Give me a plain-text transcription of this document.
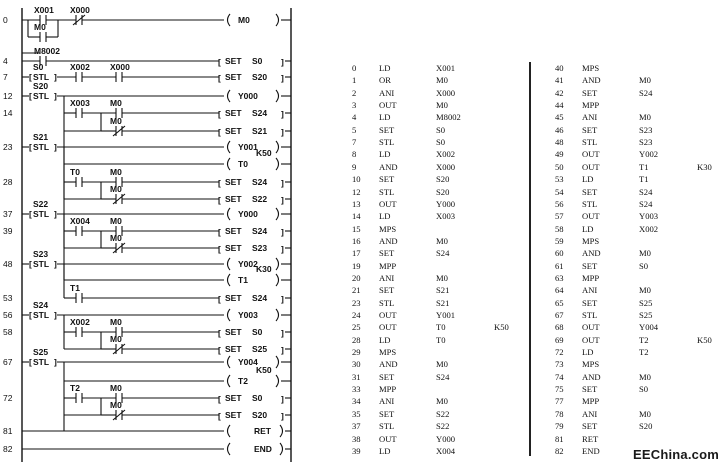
0
X001 X000
M0
M0
4
M8002
[ SET S0 ]
7
S0
STL
[	]
X002 X000
[ SET S20 ]
12
S20
STL
[	]	Y000
14
X003 M0
[ SET S24 ]
M0
[ SET S21 ]
23
S21
STL
[	]	Y001
T0
K50
28
T0	M0
[ SET S24 ]
M0
[ SET S22 ]
37
S22
STL
[	]	Y000
39
X004 M0
[ SET S24 ]
M0
[ SET S23 ]
48
S23
STL
[	]	Y002
T1
K30
53
T1
[ SET S24 ]
56
S24
STL
[	]	Y003
58
X002 M0
[ SET S0 ]
M0
[ SET S25 ]
67
S25
STL
[	]	Y004
T2
K50
72
T2	M0
[ SET S0 ]
M0
[ SET S20 ]
81	RET
82	END
0	LD	X001
1	OR	M0
2	ANI	X000
3	OUT	M0
4	LD	M8002
5	SET	S0
7	STL	S0
8	LD	X002
9	AND	X000
10 SET	S20
12 STL	S20
13 OUT	Y000
14 LD	X003
15 MPS
16 AND	M0
17 SET	S24
19 MPP
20 ANI	M0
21 SET	S21
23 STL	S21
24 OUT	Y001
25 OUT	T0	K50
28 LD	T0
29 MPS
30 AND	M0
31 SET	S24
33 MPP
34 ANI	M0
35 SET	S22
37 STL	S22
38 OUT	Y000
39 LD	X004
40 MPS
41 AND	M0
42 SET	S24
44 MPP
45 ANI	M0
46 SET	S23
48 STL	S23
49 OUT	Y002
50 OUT	T1	K30
53 LD	T1
54 SET	S24
56 STL	S24
57 OUT	Y003
58 LD	X002
59 MPS
60 AND	M0
61 SET	S0
63 MPP
64 ANI	M0
65 SET	S25
67 STL	S25
68 OUT	Y004
69 OUT	T2	K50
72 LD	T2
73 MPS
74 AND	M0
75 SET	S0
77 MPP
78 ANI	M0
79 SET	S20
81 RET
82 END	EEChina.com
